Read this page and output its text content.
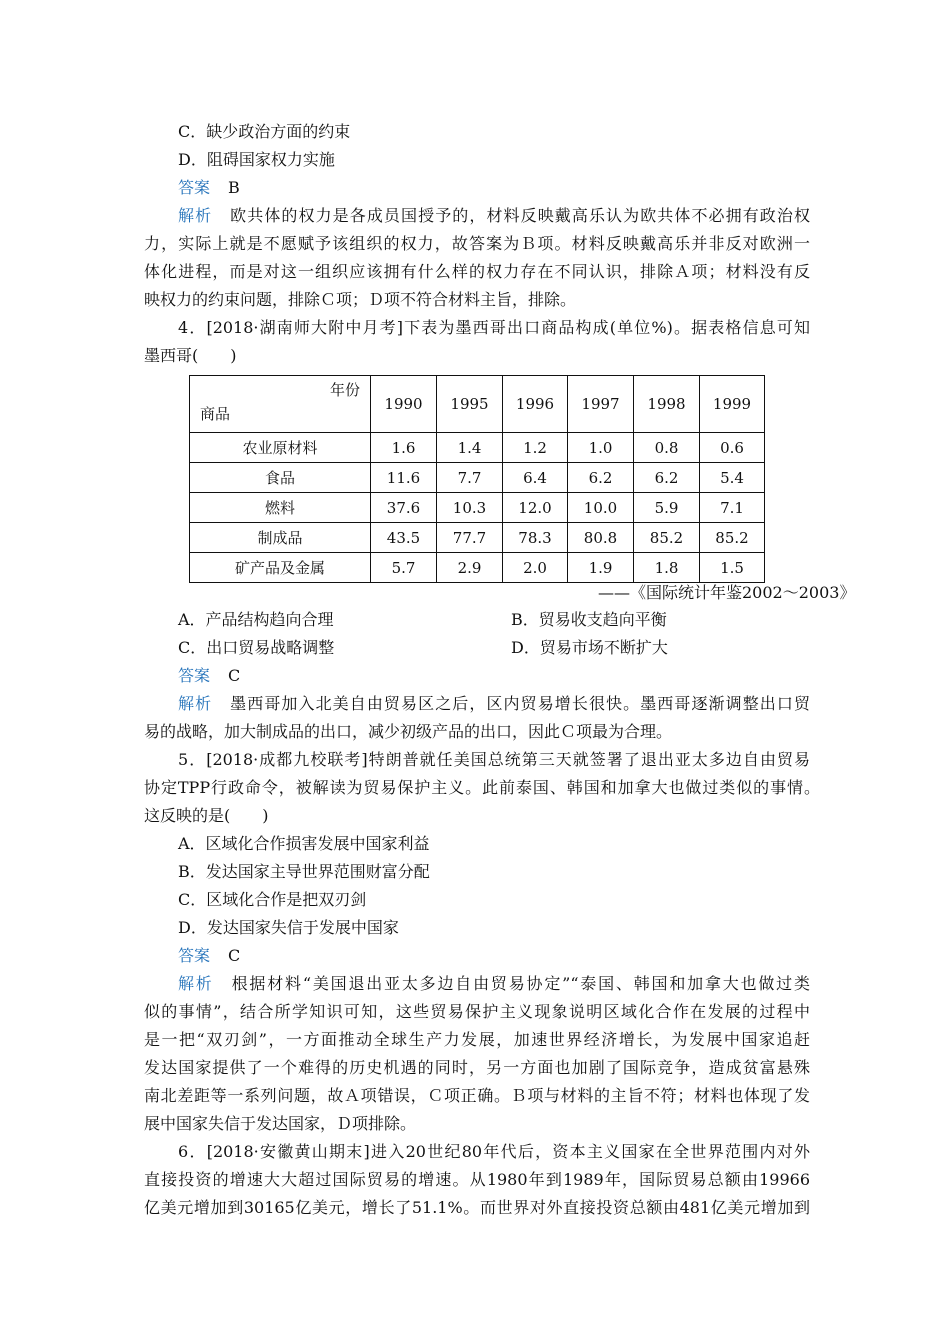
C．缺少政治方面的约束
D．阻碍国家权力实施
答案 B
解析 欧共体的权力是各成员国授予的，材料反映戴高乐认为欧共体不必拥有政治权
力，实际上就是不愿赋予该组织的权力，故答案为Ｂ项。材料反映戴高乐并非反对欧洲一
体化进程，而是对这一组织应该拥有什么样的权力存在不同认识，排除Ａ项；材料没有反
映权力的约束问题，排除Ｃ项；Ｄ项不符合材料主旨，排除。
4．[2018·湖南师大附中月考]下表为墨西哥出口商品构成(单位%)。据表格信息可知
墨西哥(　　)
年份
商品	1990	1995	1996	1997	1998	1999
农业原材料	1.6	1.4	1.2	1.0	0.8	0.6
食品	11.6	7.7	6.4	6.2	6.2	5.4
燃料	37.6	10.3	12.0	10.0	5.9	7.1
制成品	43.5	77.7	78.3	80.8	85.2	85.2
矿产品及金属	5.7	2.9	2.0	1.9	1.8	1.5
——《国际统计年鉴2002～2003》
A．产品结构趋向合理	B．贸易收支趋向平衡
C．出口贸易战略调整	D．贸易市场不断扩大
答案 C
解析 墨西哥加入北美自由贸易区之后，区内贸易增长很快。墨西哥逐渐调整出口贸
易的战略，加大制成品的出口，减少初级产品的出口，因此Ｃ项最为合理。
5．[2018·成都九校联考]特朗普就任美国总统第三天就签署了退出亚太多边自由贸易
协定TPP行政命令，被解读为贸易保护主义。此前泰国、韩国和加拿大也做过类似的事情。
这反映的是(　　)
A．区域化合作损害发展中国家利益
B．发达国家主导世界范围财富分配
C．区域化合作是把双刃剑
D．发达国家失信于发展中国家
答案 C
解析 根据材料“美国退出亚太多边自由贸易协定”“泰国、韩国和加拿大也做过类
似的事情”，结合所学知识可知，这些贸易保护主义现象说明区域化合作在发展的过程中
是一把“双刃剑”，一方面推动全球生产力发展，加速世界经济增长，为发展中国家追赶
发达国家提供了一个难得的历史机遇的同时，另一方面也加剧了国际竞争，造成贫富悬殊
南北差距等一系列问题，故Ａ项错误，Ｃ项正确。Ｂ项与材料的主旨不符；材料也体现了发
展中国家失信于发达国家，Ｄ项排除。
6．[2018·安徽黄山期末]进入20世纪80年代后，资本主义国家在全世界范围内对外
直接投资的增速大大超过国际贸易的增速。从1980年到1989年，国际贸易总额由19966
亿美元增加到30165亿美元，增长了51.1%。而世界对外直接投资总额由481亿美元增加到
